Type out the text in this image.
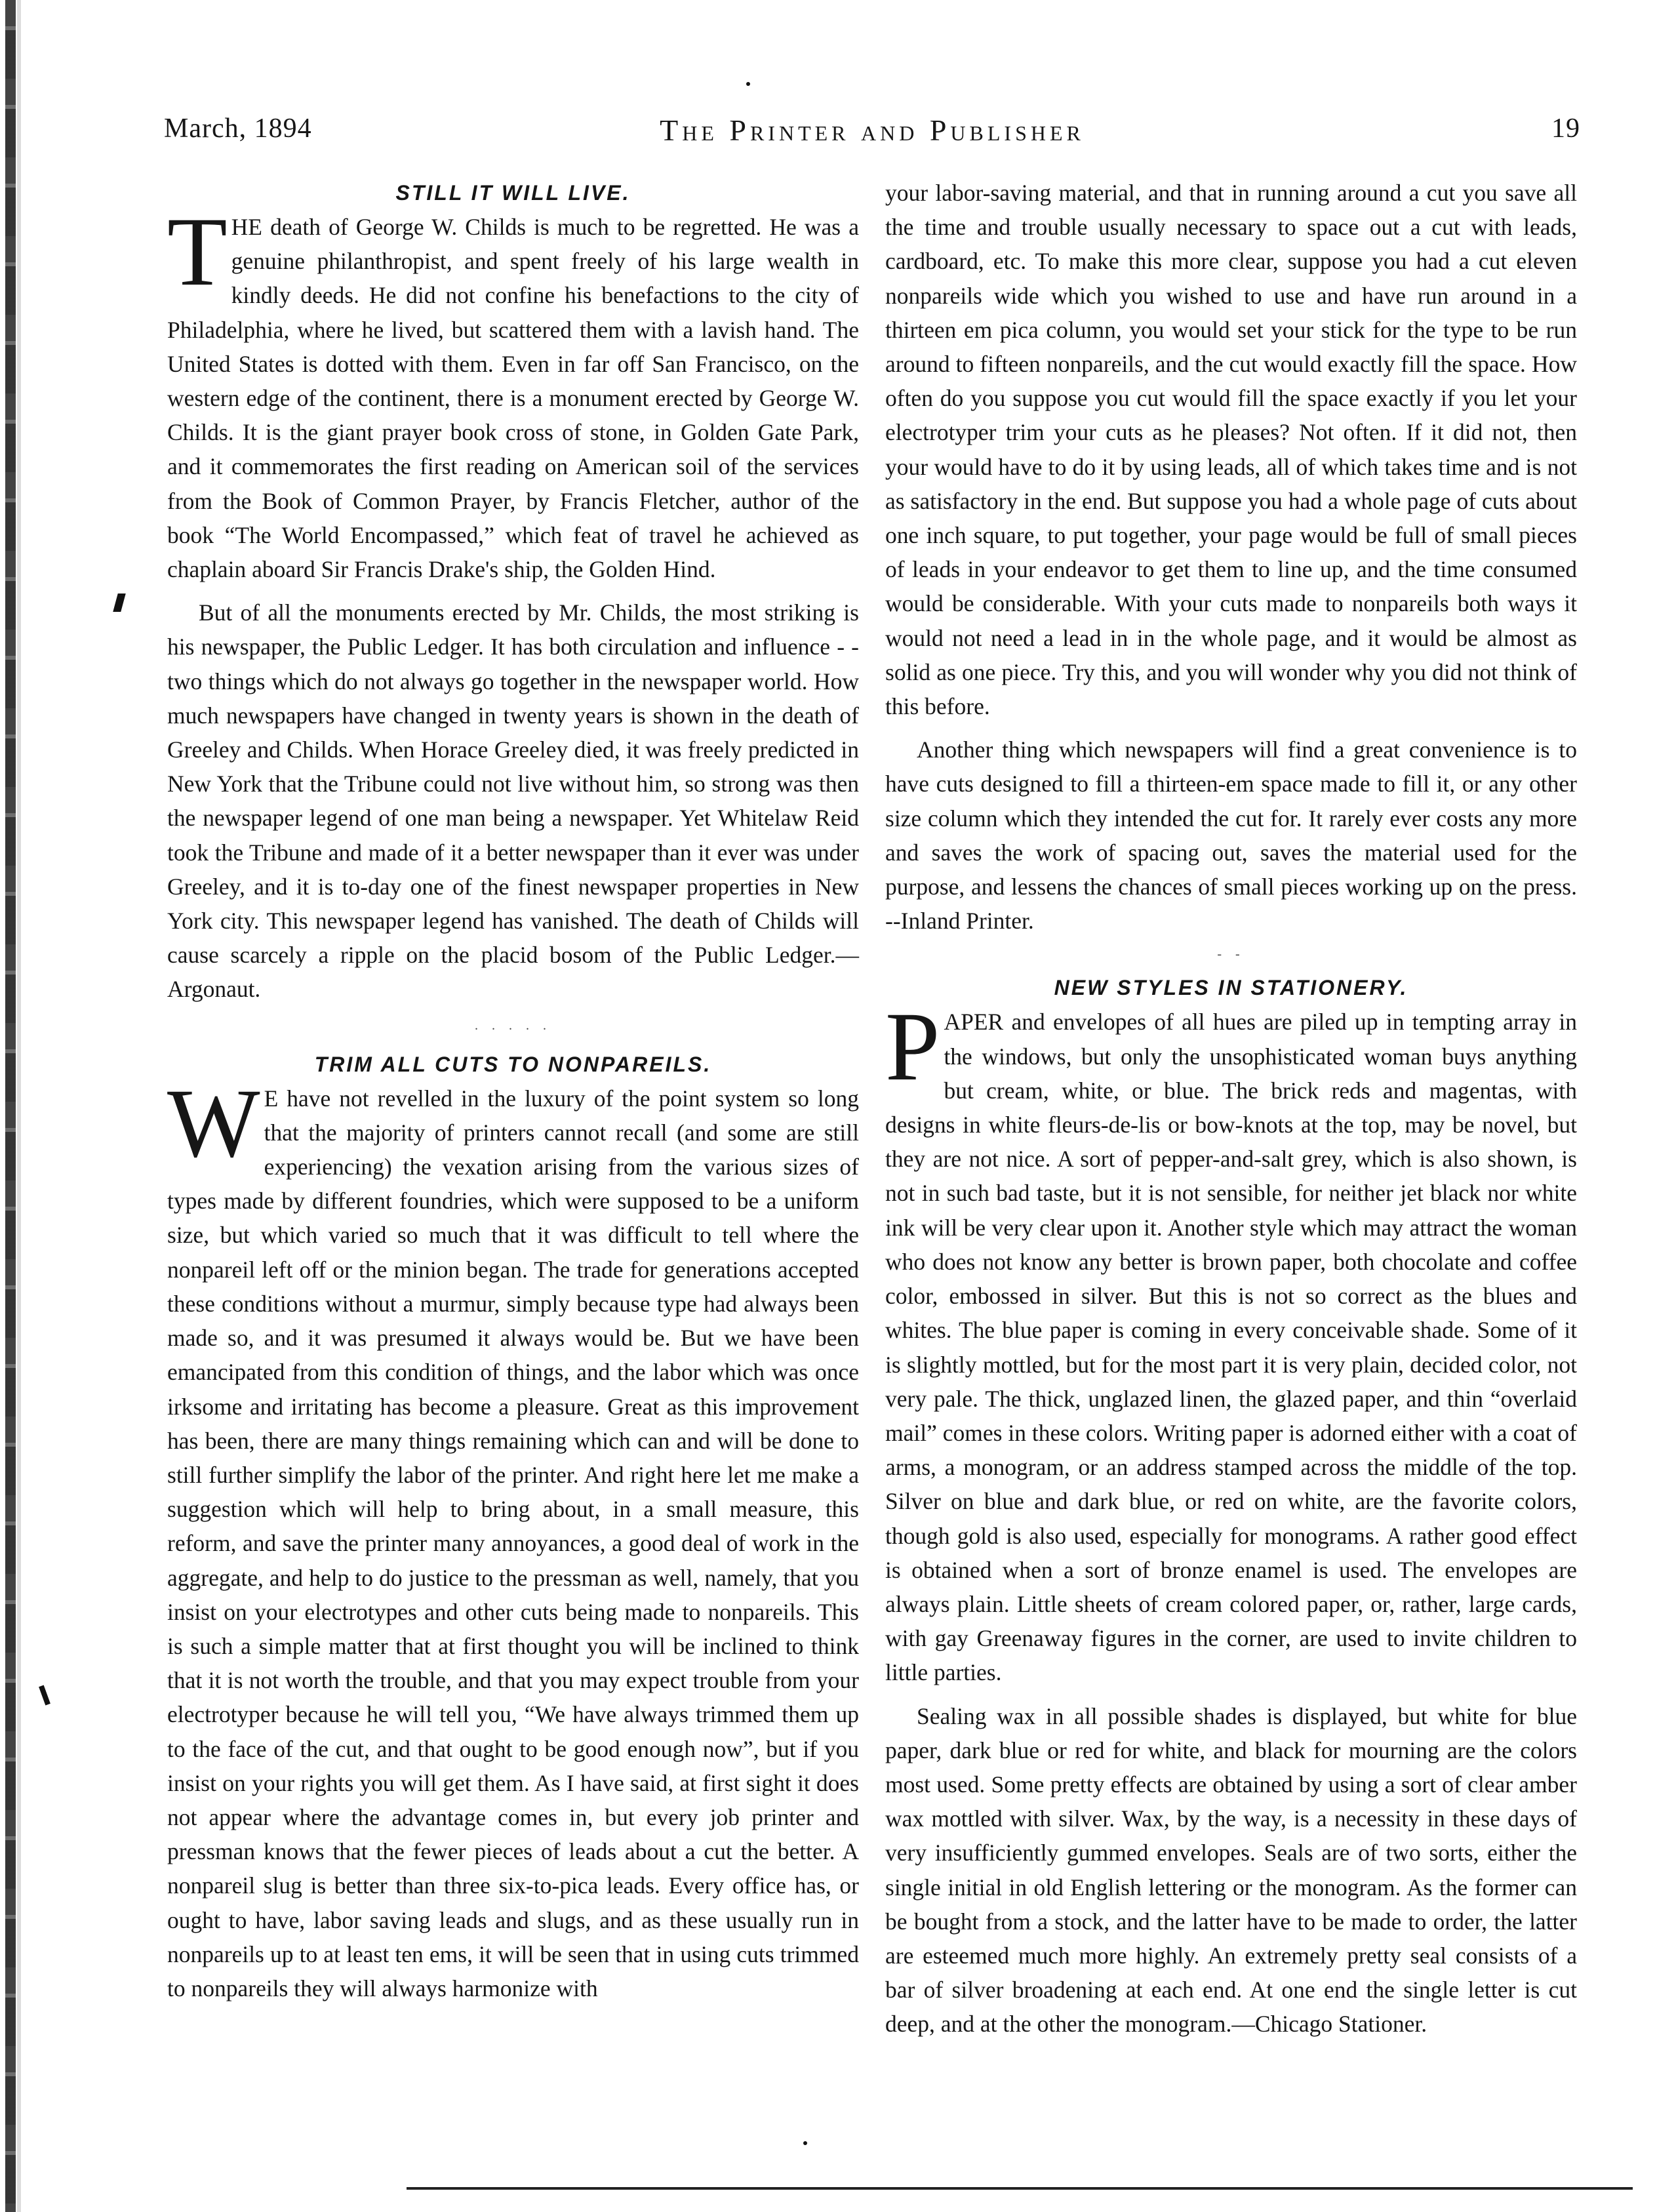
March, 1894	The Printer and Publisher	19
STILL IT WILL LIVE.

THE death of George W. Childs is much to be regretted. He was a genuine philanthropist, and spent freely of his large wealth in kindly deeds. He did not confine his benefactions to the city of Philadelphia, where he lived, but scattered them with a lavish hand. The United States is dotted with them. Even in far off San Francisco, on the western edge of the continent, there is a monument erected by George W. Childs. It is the giant prayer book cross of stone, in Golden Gate Park, and it commemorates the first reading on American soil of the services from the Book of Common Prayer, by Francis Fletcher, author of the book “The World Encompassed,” which feat of travel he achieved as chaplain aboard Sir Francis Drake's ship, the Golden Hind.

But of all the monuments erected by Mr. Childs, the most striking is his newspaper, the Public Ledger. It has both circulation and influence - -two things which do not always go together in the newspaper world. How much newspapers have changed in twenty years is shown in the death of Greeley and Childs. When Horace Greeley died, it was freely predicted in New York that the Tribune could not live without him, so strong was then the newspaper legend of one man being a newspaper. Yet Whitelaw Reid took the Tribune and made of it a better newspaper than it ever was under Greeley, and it is to-day one of the finest newspaper properties in New York city. This newspaper legend has vanished. The death of Childs will cause scarcely a ripple on the placid bosom of the Public Ledger.—Argonaut.

. . . . .
TRIM ALL CUTS TO NONPAREILS.

W E have not revelled in the luxury of the point system so long that the majority of printers cannot recall (and some are still experiencing) the vexation arising from the various sizes of types made by different foundries, which were supposed to be a uniform size, but which varied so much that it was difficult to tell where the nonpareil left off or the minion began. The trade for generations accepted these conditions without a murmur, simply because type had always been made so, and it was presumed it always would be. But we have been emancipated from this condition of things, and the labor which was once irksome and irritating has become a pleasure. Great as this improvement has been, there are many things remaining which can and will be done to still further simplify the labor of the printer. And right here let me make a suggestion which will help to bring about, in a small measure, this reform, and save the printer many annoyances, a good deal of work in the aggregate, and help to do justice to the pressman as well, namely, that you insist on your electrotypes and other cuts being made to nonpareils. This is such a simple matter that at first thought you will be inclined to think that it is not worth the trouble, and that you may expect trouble from your electrotyper because he will tell you, “We have always trimmed them up to the face of the cut, and that ought to be good enough now”, but if you insist on your rights you will get them. As I have said, at first sight it does not appear where the advantage comes in, but every job printer and pressman knows that the fewer pieces of leads about a cut the better. A nonpareil slug is better than three six-to-pica leads. Every office has, or ought to have, labor saving leads and slugs, and as these usually run in nonpareils up to at least ten ems, it will be seen that in using cuts trimmed to nonpareils they will always harmonize with

your labor-saving material, and that in running around a cut you save all the time and trouble usually necessary to space out a cut with leads, cardboard, etc. To make this more clear, suppose you had a cut eleven nonpareils wide which you wished to use and have run around in a thirteen em pica column, you would set your stick for the type to be run around to fifteen nonpareils, and the cut would exactly fill the space. How often do you suppose you cut would fill the space exactly if you let your electrotyper trim your cuts as he pleases? Not often. If it did not, then your would have to do it by using leads, all of which takes time and is not as satisfactory in the end. But suppose you had a whole page of cuts about one inch square, to put together, your page would be full of small pieces of leads in your endeavor to get them to line up, and the time consumed would be considerable. With your cuts made to nonpareils both ways it would not need a lead in in the whole page, and it would be almost as solid as one piece. Try this, and you will wonder why you did not think of this before.

Another thing which newspapers will find a great convenience is to have cuts designed to fill a thirteen-em space made to fill it, or any other size column which they intended the cut for. It rarely ever costs any more and saves the work of spacing out, saves the material used for the purpose, and lessens the chances of small pieces working up on the press. --Inland Printer.

- -
NEW STYLES IN STATIONERY.

PAPER and envelopes of all hues are piled up in tempting array in the windows, but only the unsophisticated woman buys anything but cream, white, or blue. The brick reds and magentas, with designs in white fleurs-de-lis or bow-knots at the top, may be novel, but they are not nice. A sort of pepper-and-salt grey, which is also shown, is not in such bad taste, but it is not sensible, for neither jet black nor white ink will be very clear upon it. Another style which may attract the woman who does not know any better is brown paper, both chocolate and coffee color, embossed in silver. But this is not so correct as the blues and whites. The blue paper is coming in every conceivable shade. Some of it is slightly mottled, but for the most part it is very plain, decided color, not very pale. The thick, unglazed linen, the glazed paper, and thin “overlaid mail” comes in these colors. Writing paper is adorned either with a coat of arms, a monogram, or an address stamped across the middle of the top. Silver on blue and dark blue, or red on white, are the favorite colors, though gold is also used, especially for monograms. A rather good effect is obtained when a sort of bronze enamel is used. The envelopes are always plain. Little sheets of cream colored paper, or, rather, large cards, with gay Greenaway figures in the corner, are used to invite children to little parties.

Sealing wax in all possible shades is displayed, but white for blue paper, dark blue or red for white, and black for mourning are the colors most used. Some pretty effects are obtained by using a sort of clear amber wax mottled with silver. Wax, by the way, is a necessity in these days of very insufficiently gummed envelopes. Seals are of two sorts, either the single initial in old English lettering or the monogram. As the former can be bought from a stock, and the latter have to be made to order, the latter are esteemed much more highly. An extremely pretty seal consists of a bar of silver broadening at each end. At one end the single letter is cut deep, and at the other the monogram.—Chicago Stationer.
